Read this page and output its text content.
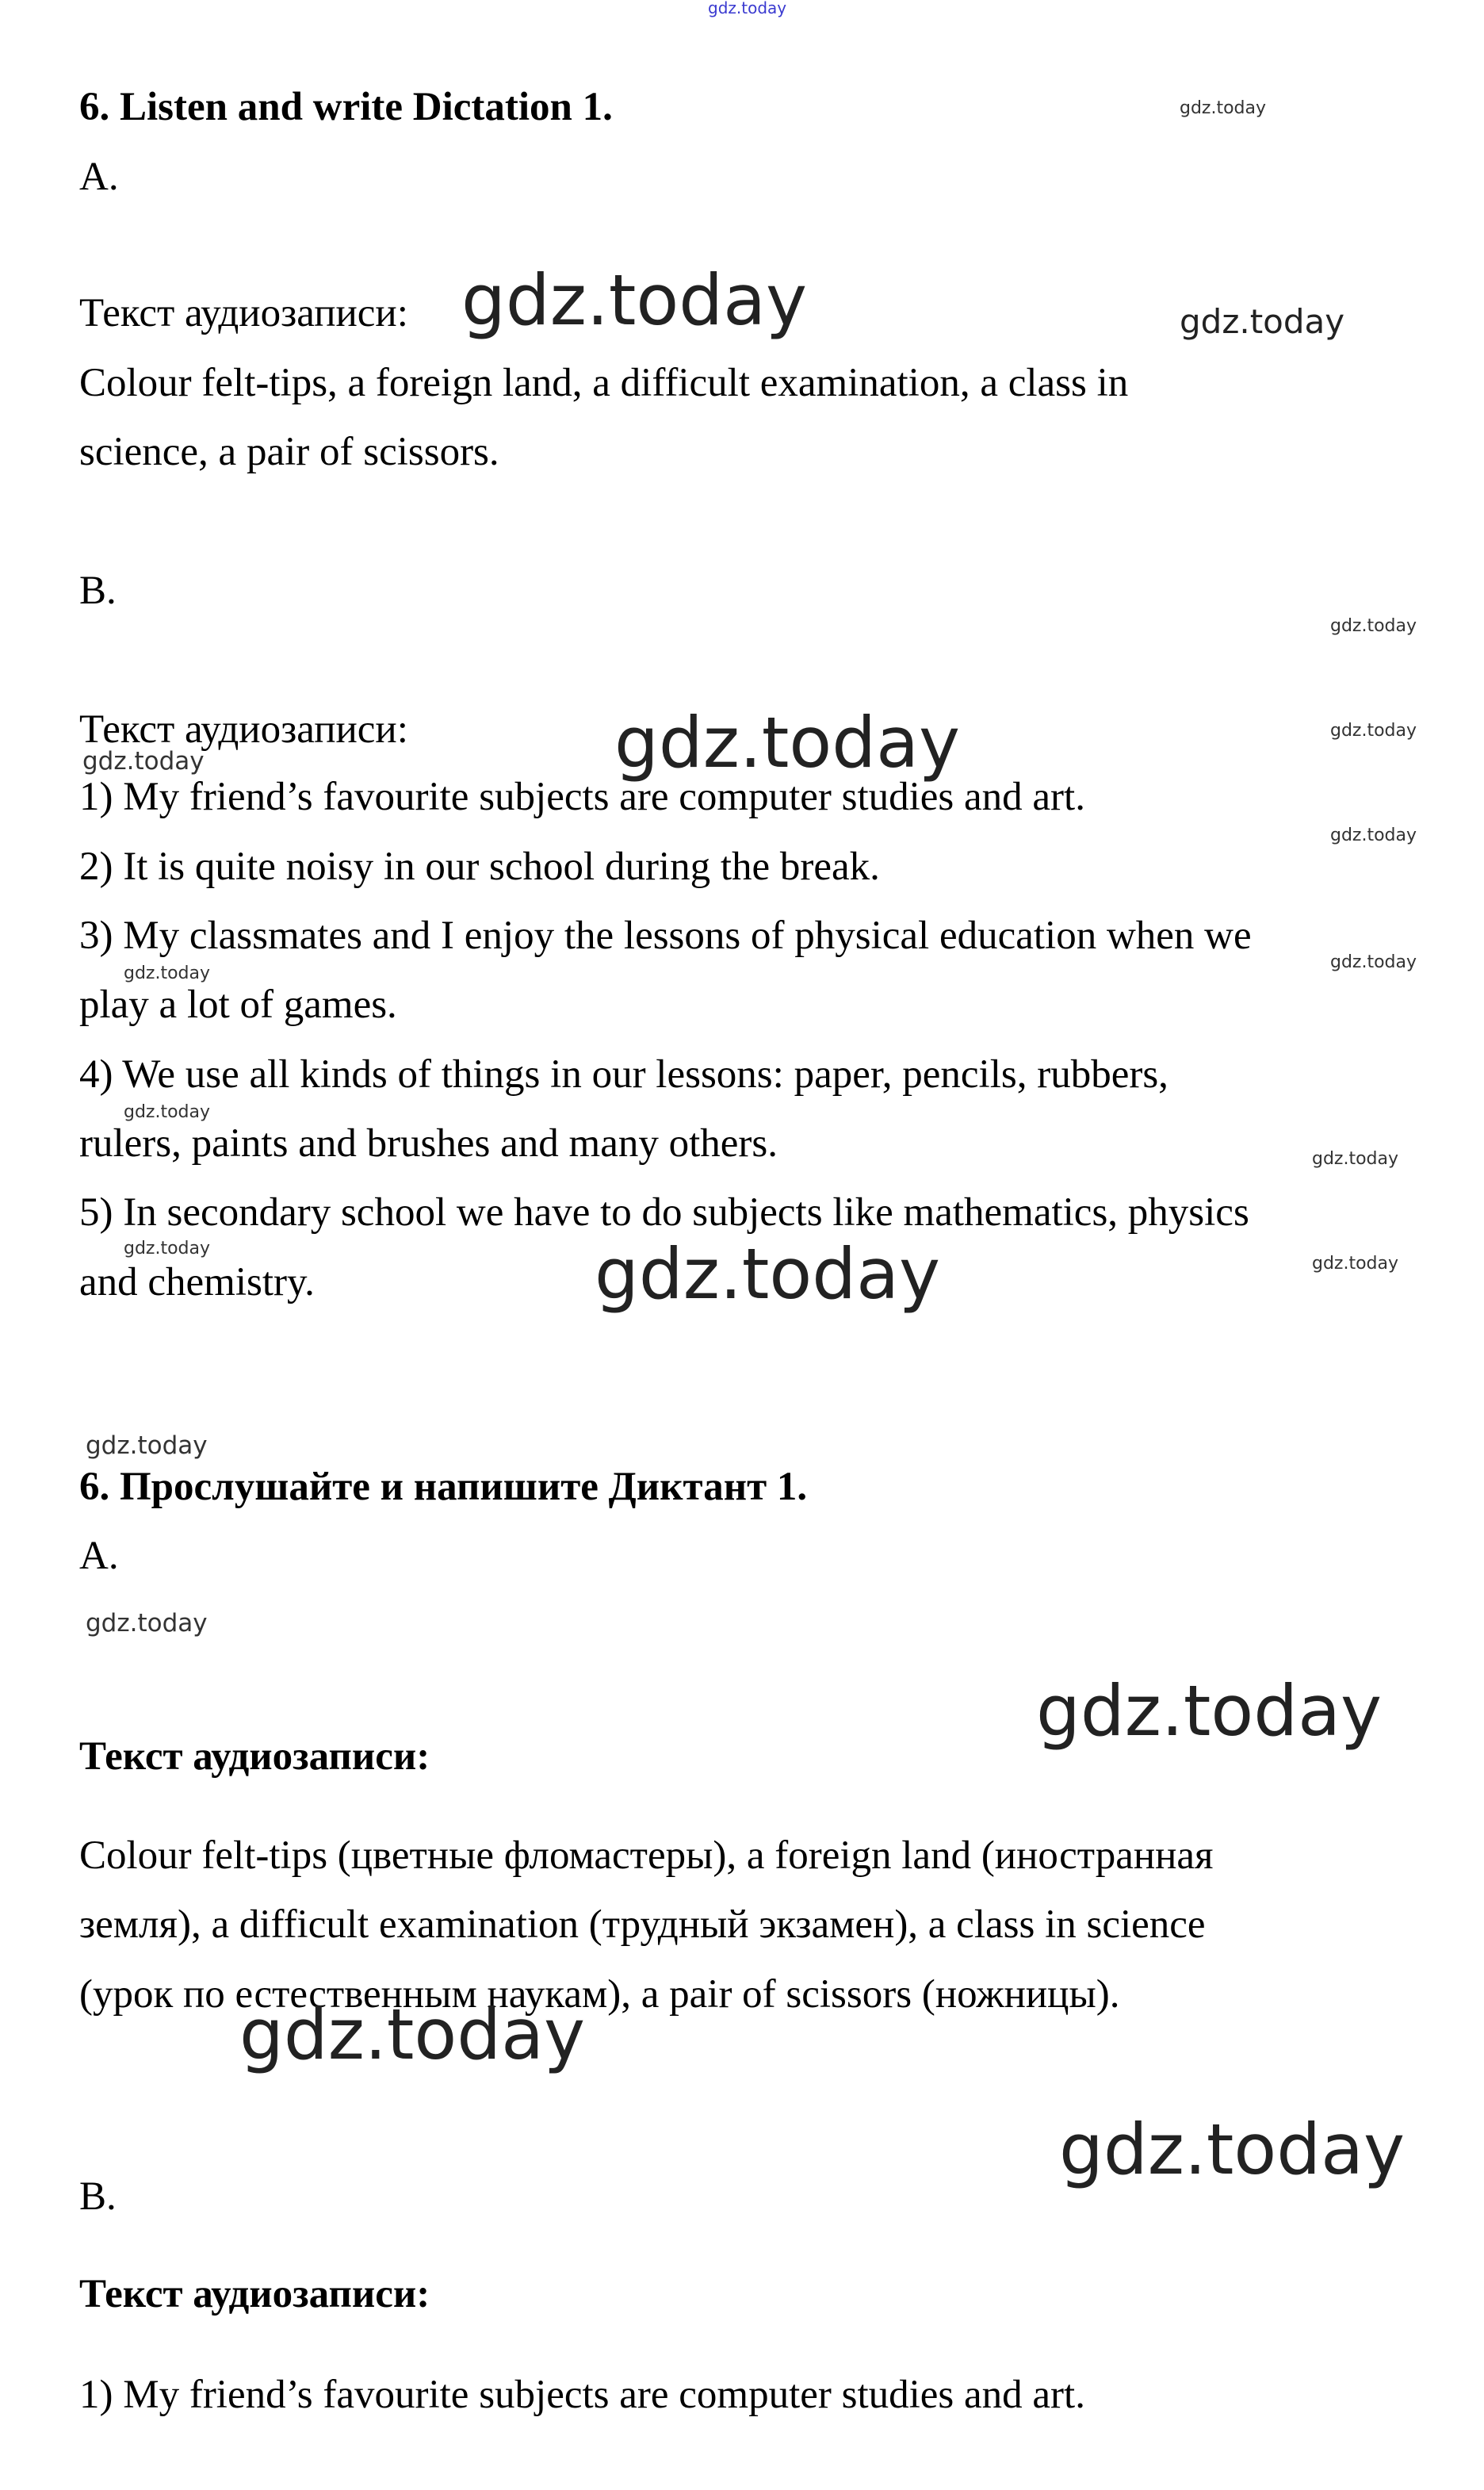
gdz.today
6. Listen and write Dictation 1.
A.
Текст аудиозаписи:
Colour felt-tips, a foreign land, a difficult examination, a class in
science, a pair of scissors.
B.
Текст аудиозаписи:
1) My friend’s favourite subjects are computer studies and art.
2) It is quite noisy in our school during the break.
3) My classmates and I enjoy the lessons of physical education when we
play a lot of games.
4) We use all kinds of things in our lessons: paper, pencils, rubbers,
rulers, paints and brushes and many others.
5) In secondary school we have to do subjects like mathematics, physics
and chemistry.
6. Прослушайте и напишите Диктант 1.
A.
Текст аудиозаписи:
Colour felt-tips (цветные фломастеры), a foreign land (иностранная
земля), a difficult examination (трудный экзамен), a class in science
(урок по естественным наукам), a pair of scissors (ножницы).
B.
Текст аудиозаписи:
1) My friend’s favourite subjects are computer studies and art.
gdz.today
gdz.today	gdz.today
gdz.today
gdz.today
gdz.today
gdz.today
gdz.today
gdz.today
gdz.today
gdz.today
gdz.today
gdz.today
gdz.today
gdz.today
gdz.today
gdz.today
gdz.today
gdz.today
gdz.today
